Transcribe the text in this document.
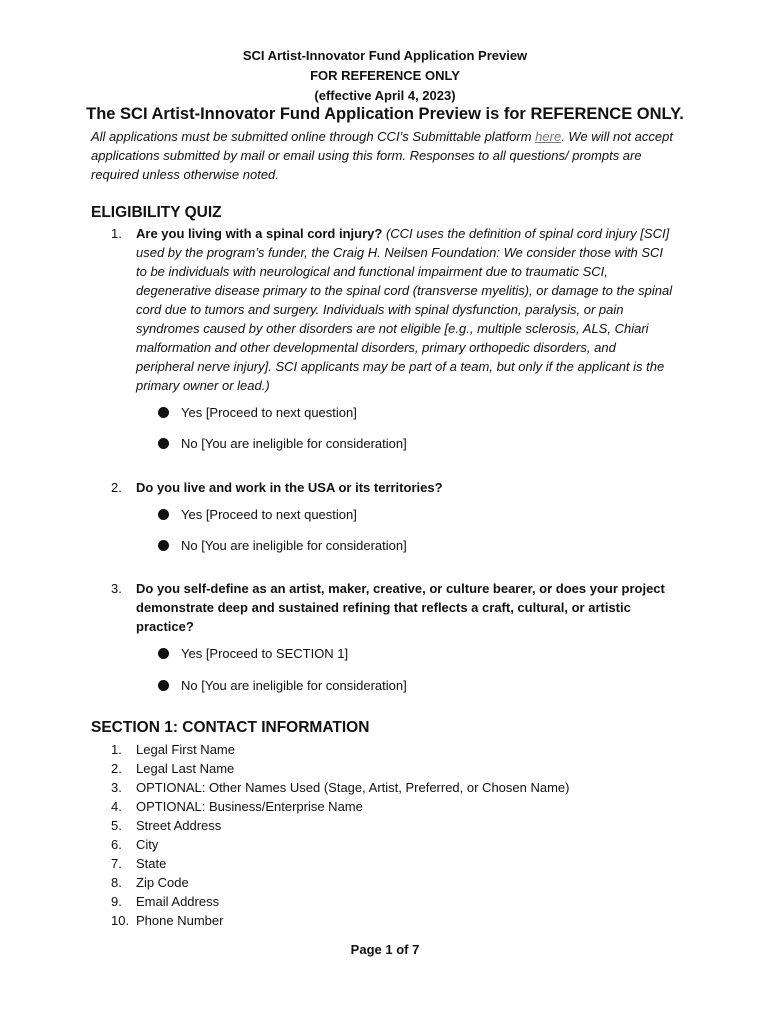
SCI Artist-Innovator Fund Application Preview
FOR REFERENCE ONLY
(effective April 4, 2023)
The SCI Artist-Innovator Fund Application Preview is for REFERENCE ONLY.
All applications must be submitted online through CCI’s Submittable platform here. We will not accept applications submitted by mail or email using this form. Responses to all questions/ prompts are required unless otherwise noted.
ELIGIBILITY QUIZ
1.	Are you living with a spinal cord injury? (CCI uses the definition of spinal cord injury [SCI] used by the program’s funder, the Craig H. Neilsen Foundation: We consider those with SCI to be individuals with neurological and functional impairment due to traumatic SCI, degenerative disease primary to the spinal cord (transverse myelitis), or damage to the spinal cord due to tumors and surgery. Individuals with spinal dysfunction, paralysis, or pain syndromes caused by other disorders are not eligible [e.g., multiple sclerosis, ALS, Chiari malformation and other developmental disorders, primary orthopedic disorders, and peripheral nerve injury]. SCI applicants may be part of a team, but only if the applicant is the primary owner or lead.)
Yes [Proceed to next question]
No [You are ineligible for consideration]
2.	Do you live and work in the USA or its territories?
Yes [Proceed to next question]
No [You are ineligible for consideration]
3.	Do you self-define as an artist, maker, creative, or culture bearer, or does your project demonstrate deep and sustained refining that reflects a craft, cultural, or artistic practice?
Yes [Proceed to SECTION 1]
No [You are ineligible for consideration]
SECTION 1: CONTACT INFORMATION
1.	Legal First Name
2.	Legal Last Name
3.	OPTIONAL: Other Names Used (Stage, Artist, Preferred, or Chosen Name)
4.	OPTIONAL: Business/Enterprise Name
5.	Street Address
6.	City
7.	State
8.	Zip Code
9.	Email Address
10. Phone Number
Page 1 of 7
